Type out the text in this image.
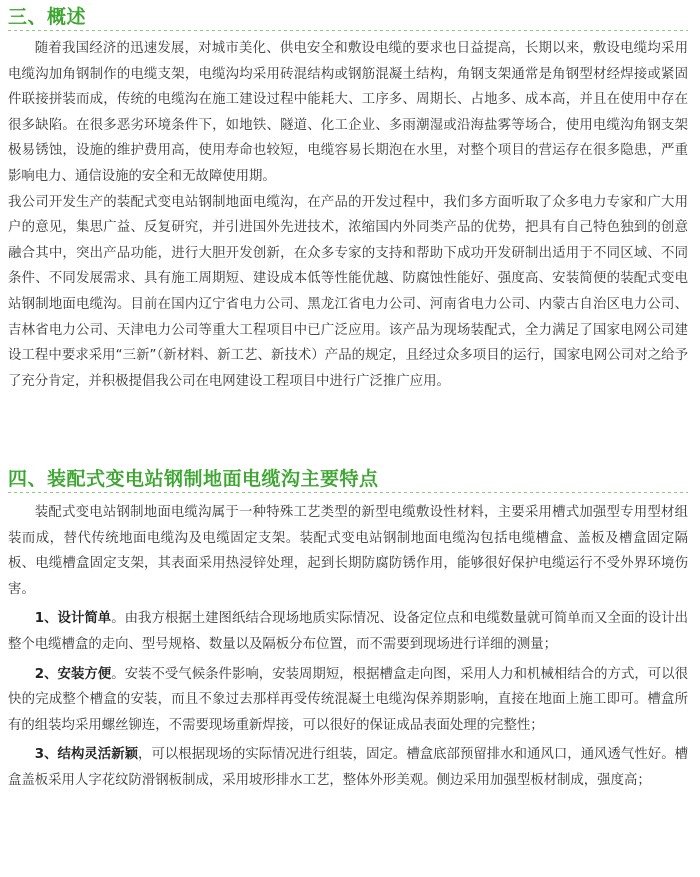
三、概述

随着我国经济的迅速发展，对城市美化、供电安全和敷设电缆的要求也日益提高，长期以来，敷设电缆均采用电缆沟加角钢制作的电缆支架，电缆沟均采用砖混结构或钢筋混凝土结构，角钢支架通常是角钢型材经焊接或紧固件联接拼装而成，传统的电缆沟在施工建设过程中能耗大、工序多、周期长、占地多、成本高，并且在使用中存在很多缺陷。在很多恶劣环境条件下，如地铁、隧道、化工企业、多雨潮湿或沿海盐雾等场合，使用电缆沟角钢支架极易锈蚀，设施的维护费用高，使用寿命也较短，电缆容易长期泡在水里，对整个项目的营运存在很多隐患，严重影响电力、通信设施的安全和无故障使用期。

我公司开发生产的装配式变电站钢制地面电缆沟，在产品的开发过程中，我们多方面听取了众多电力专家和广大用户的意见，集思广益、反复研究，并引进国外先进技术，浓缩国内外同类产品的优势，把具有自己特色独到的创意融合其中，突出产品功能，进行大胆开发创新，在众多专家的支持和帮助下成功开发研制出适用于不同区域、不同条件、不同发展需求、具有施工周期短、建设成本低等性能优越、防腐蚀性能好、强度高、安装简便的装配式变电站钢制地面电缆沟。目前在国内辽宁省电力公司、黑龙江省电力公司、河南省电力公司、内蒙古自治区电力公司、吉林省电力公司、天津电力公司等重大工程项目中已广泛应用。该产品为现场装配式，全力满足了国家电网公司建设工程中要求采用“三新”（新材料、新工艺、新技术）产品的规定，且经过众多项目的运行，国家电网公司对之给予了充分肯定，并积极提倡我公司在电网建设工程项目中进行广泛推广应用。

四、装配式变电站钢制地面电缆沟主要特点

装配式变电站钢制地面电缆沟属于一种特殊工艺类型的新型电缆敷设性材料，主要采用槽式加强型专用型材组装而成，替代传统地面电缆沟及电缆固定支架。装配式变电站钢制地面电缆沟包括电缆槽盒、盖板及槽盒固定隔板、电缆槽盒固定支架，其表面采用热浸锌处理，起到长期防腐防锈作用，能够很好保护电缆运行不受外界环境伤害。

1、设计简单。由我方根据土建图纸结合现场地质实际情况、设备定位点和电缆数量就可简单而又全面的设计出整个电缆槽盒的走向、型号规格、数量以及隔板分布位置，而不需要到现场进行详细的测量；

2、安装方便。安装不受气候条件影响，安装周期短，根据槽盒走向图，采用人力和机械相结合的方式，可以很快的完成整个槽盒的安装，而且不象过去那样再受传统混凝土电缆沟保养期影响，直接在地面上施工即可。槽盒所有的组装均采用螺丝铆连，不需要现场重新焊接，可以很好的保证成品表面处理的完整性；

3、结构灵活新颖，可以根据现场的实际情况进行组装，固定。槽盒底部预留排水和通风口，通风透气性好。槽盒盖板采用人字花纹防滑钢板制成，采用坡形排水工艺，整体外形美观。侧边采用加强型板材制成，强度高；
